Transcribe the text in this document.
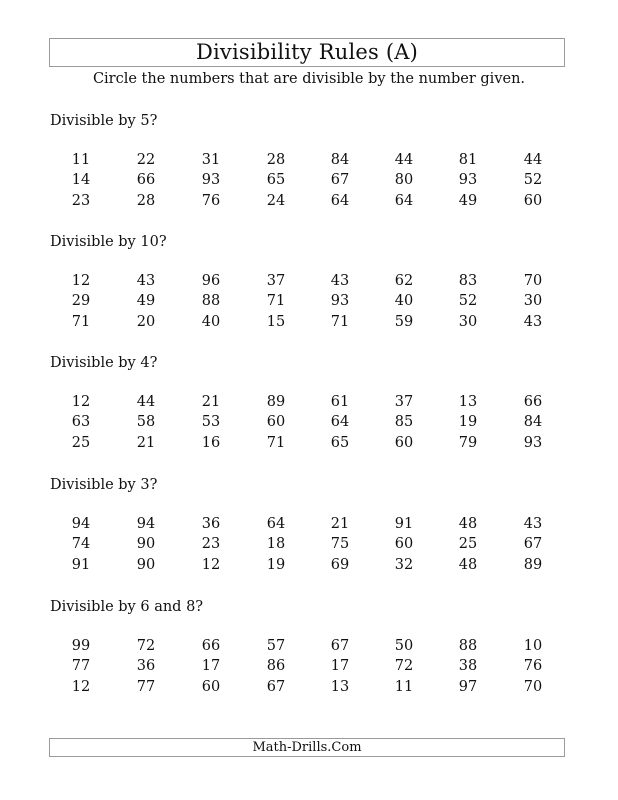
Divisibility Rules (A)
Circle the numbers that are divisible by the number given.
Divisible by 5?
11	22	31	28	84	44	81	44
14	66	93	65	67	80	93	52
23	28	76	24	64	64	49	60
Divisible by 10?
12	43	96	37	43	62	83	70
29	49	88	71	93	40	52	30
71	20	40	15	71	59	30	43
Divisible by 4?
12	44	21	89	61	37	13	66
63	58	53	60	64	85	19	84
25	21	16	71	65	60	79	93
Divisible by 3?
94	94	36	64	21	91	48	43
74	90	23	18	75	60	25	67
91	90	12	19	69	32	48	89
Divisible by 6 and 8?
99	72	66	57	67	50	88	10
77	36	17	86	17	72	38	76
12	77	60	67	13	11	97	70
Math-Drills.Com
